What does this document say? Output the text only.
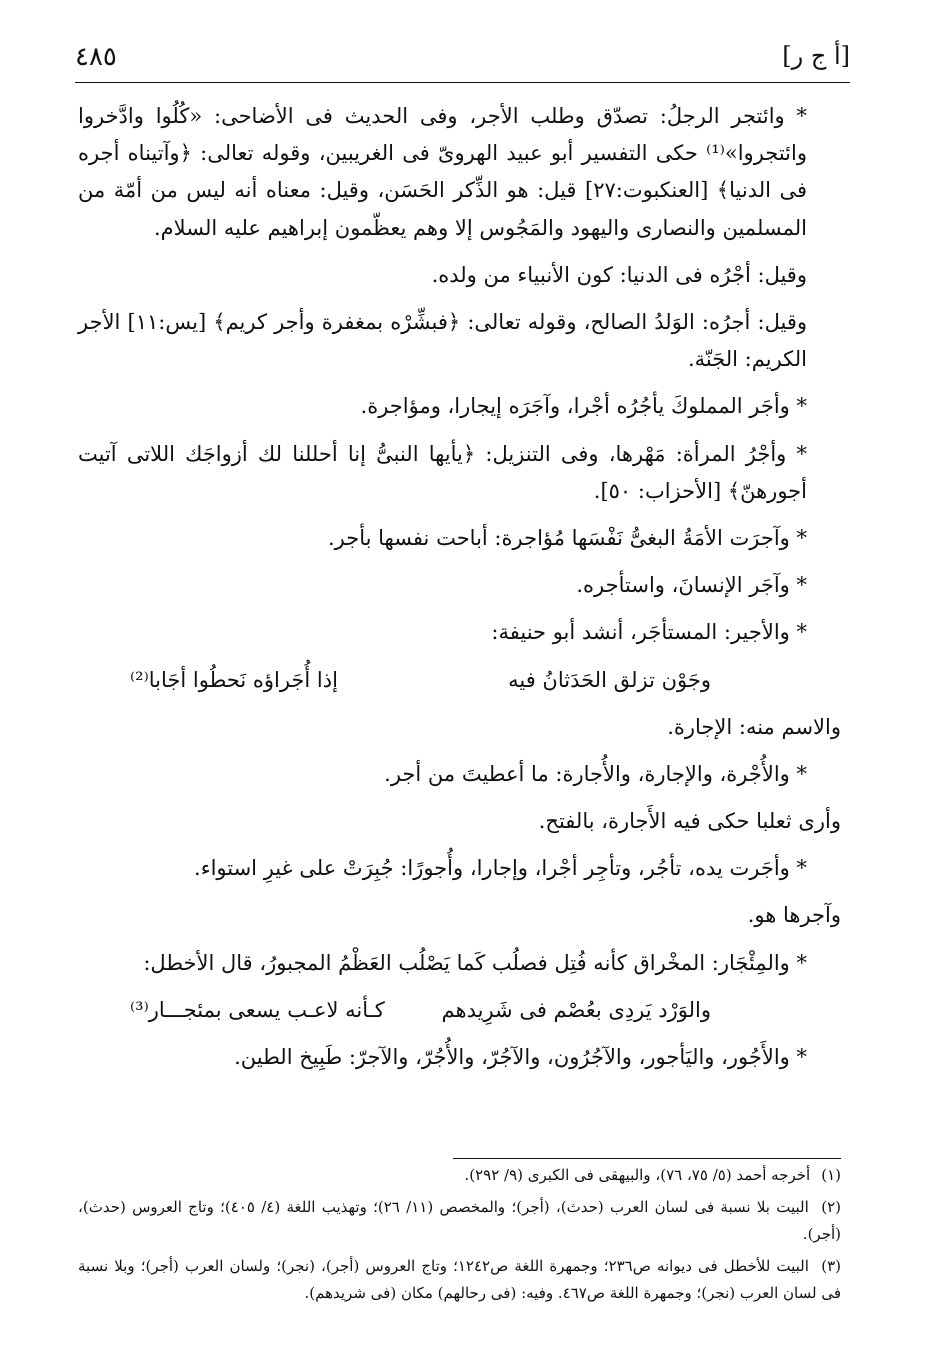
٤٨٥	[أ ج ر]

* وائتجر الرجلُ: تصدّق وطلب الأجر، وفى الحديث فى الأضاحى: «كُلُوا وادَّخروا وائتجروا»⁽¹⁾ حكى التفسير أبو عبيد الهروىّ فى الغريبين، وقوله تعالى: ﴿وآتيناه أجره فى الدنيا﴾ [العنكبوت:٢٧] قيل: هو الذِّكر الحَسَن، وقيل: معناه أنه ليس من أمّة من المسلمين والنصارى واليهود والمَجُوس إلا وهم يعظّمون إبراهيم عليه السلام.

وقيل: أجْرُه فى الدنيا: كون الأنبياء من ولده.

وقيل: أجرُه: الوَلدُ الصالح، وقوله تعالى: ﴿فبشِّرْه بمغفرة وأجر كريم﴾ [يس:١١] الأجر الكريم: الجَنّة.

* وأجَر المملوكَ يأجُرُه أجْرا، وآجَرَه إيجارا، ومؤاجرة.

* وأجْرُ المرأة: مَهْرها، وفى التنزيل: ﴿يأيها النبىُّ إنا أحللنا لك أزواجَك اللاتى آتيت أجورهنّ﴾ [الأحزاب: ٥٠].

* وآجرَت الأمَةُ البغىُّ نَفْسَها مُؤاجرة: أباحت نفسها بأجر.

* وآجَر الإنسانَ، واستأجره.

* والأجير: المستأجَر، أنشد أبو حنيفة:

وجَوْن تزلق الحَدَثانُ فيه
إذا أُجَراؤه نَحطُوا أجَابا⁽²⁾

والاسم منه: الإجارة.

* والأُجْرة، والإجارة، والأُجارة: ما أعطيتَ من أجر.

وأرى ثعلبا حكى فيه الأَجارة، بالفتح.

* وأجَرت يده، تأجُر، وتأجِر أجْرا، وإجارا، وأُجورًا: جُبِرَتْ على غيرِ استواء.

وآجرها هو.

* والمِئْجَار: المخْراق كأنه فُتِل فصلُب كَما يَصْلُب العَظْمُ المجبورُ، قال الأخطل:

والوَرْد يَردِى بعُصْم فى شَرِيدهم
كـأنه لاعـب يسعى بمئجـــار⁽³⁾

* والأَجُور، واليَأجور، والآجُرُون، والآجُرّ، والأُجُرّ، والآجرّ: طَبِيخ الطين.

(١) أخرجه أحمد (٥/ ٧٥، ٧٦)، والبيهقى فى الكبرى (٩/ ٢٩٢).

(٢) البيت بلا نسبة فى لسان العرب (حدث)، (أجر)؛ والمخصص (١١/ ٢٦)؛ وتهذيب اللغة (٤/ ٤٠٥)؛ وتاج العروس (حدث)، (أجر).

(٣) البيت للأخطل فى ديوانه ص٢٣٦؛ وجمهرة اللغة ص١٢٤٢؛ وتاج العروس (أجر)، (نجر)؛ ولسان العرب (أجر)؛ وبلا نسبة فى لسان العرب (نجر)؛ وجمهرة اللغة ص٤٦٧. وفيه: (فى رحالهم) مكان (فى شريدهم).
